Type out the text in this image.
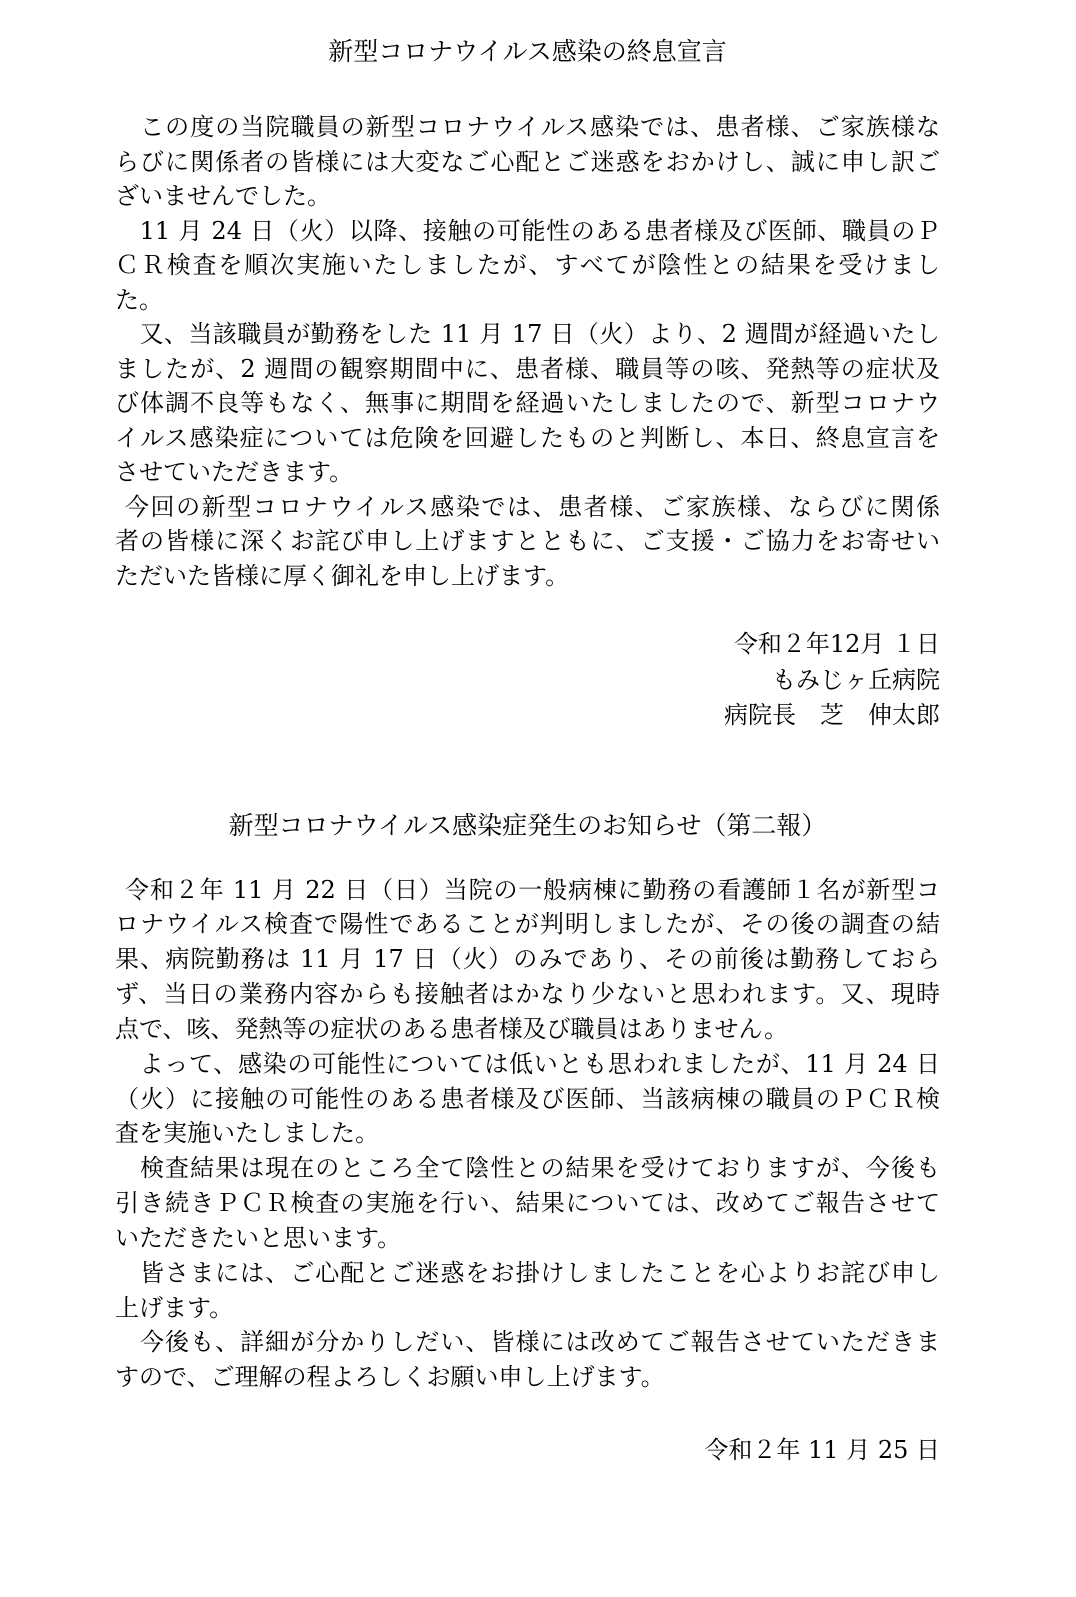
新型コロナウイルス感染の終息宣言
　この度の当院職員の新型コロナウイルス感染では、患者様、ご家族様な
らびに関係者の皆様には大変なご心配とご迷惑をおかけし、誠に申し訳ご
ざいませんでした。
　11 月 24 日（火）以降、接触の可能性のある患者様及び医師、職員のＰ
ＣＲ検査を順次実施いたしましたが、すべてが陰性との結果を受けまし
た。
　又、当該職員が勤務をした 11 月 17 日（火）より、2 週間が経過いたし
ましたが、2 週間の観察期間中に、患者様、職員等の咳、発熱等の症状及
び体調不良等もなく、無事に期間を経過いたしましたので、新型コロナウ
イルス感染症については危険を回避したものと判断し、本日、終息宣言を
させていただきます。
今回の新型コロナウイルス感染では、患者様、ご家族様、ならびに関係
者の皆様に深くお詫び申し上げますとともに、ご支援・ご協力をお寄せい
ただいた皆様に厚く御礼を申し上げます。
令和２年12月 １日
もみじヶ丘病院
病院長　芝　伸太郎
新型コロナウイルス感染症発生のお知らせ（第二報）
令和２年 11 月 22 日（日）当院の一般病棟に勤務の看護師１名が新型コ
ロナウイルス検査で陽性であることが判明しましたが、その後の調査の結
果、病院勤務は 11 月 17 日（火）のみであり、その前後は勤務しておら
ず、当日の業務内容からも接触者はかなり少ないと思われます。又、現時
点で、咳、発熱等の症状のある患者様及び職員はありません。
　よって、感染の可能性については低いとも思われましたが、11 月 24 日
（火）に接触の可能性のある患者様及び医師、当該病棟の職員のＰＣＲ検
査を実施いたしました。
　検査結果は現在のところ全て陰性との結果を受けておりますが、今後も
引き続きＰＣＲ検査の実施を行い、結果については、改めてご報告させて
いただきたいと思います。
　皆さまには、ご心配とご迷惑をお掛けしましたことを心よりお詫び申し
上げます。
　今後も、詳細が分かりしだい、皆様には改めてご報告させていただきま
すので、ご理解の程よろしくお願い申し上げます。
令和２年 11 月 25 日
